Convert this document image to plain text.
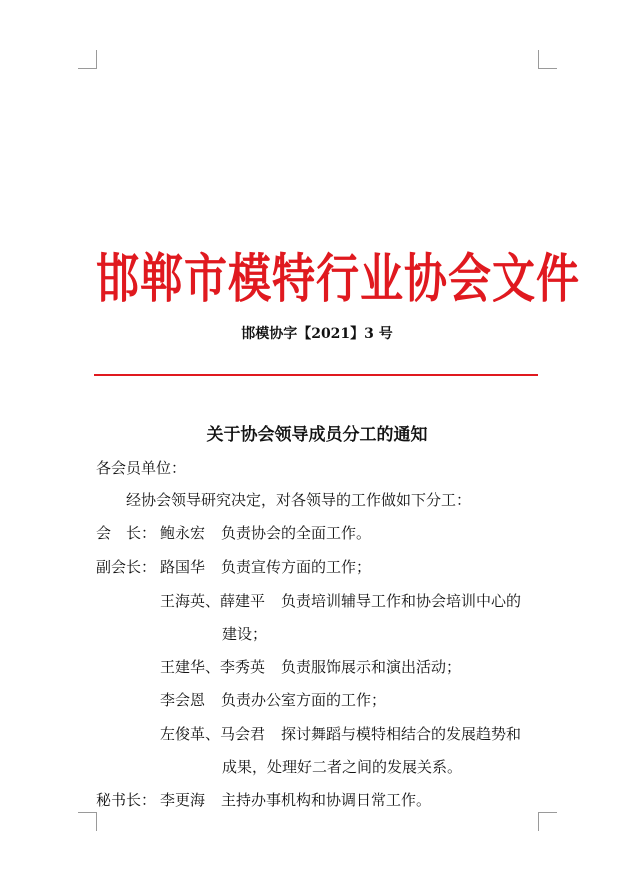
邯郸市模特行业协会文件
邯模协字【2021】3 号
关于协会领导成员分工的通知
各会员单位：
经协会领导研究决定，对各领导的工作做如下分工：
会　长： 鲍永宏 负责协会的全面工作。
副会长： 路国华 负责宣传方面的工作；
王海英、薛建平 负责培训辅导工作和协会培训中心的
建设；
王建华、李秀英 负责服饰展示和演出活动；
李会恩 负责办公室方面的工作；
左俊革、马会君 探讨舞蹈与模特相结合的发展趋势和
成果，处理好二者之间的发展关系。
秘书长： 李更海 主持办事机构和协调日常工作。
